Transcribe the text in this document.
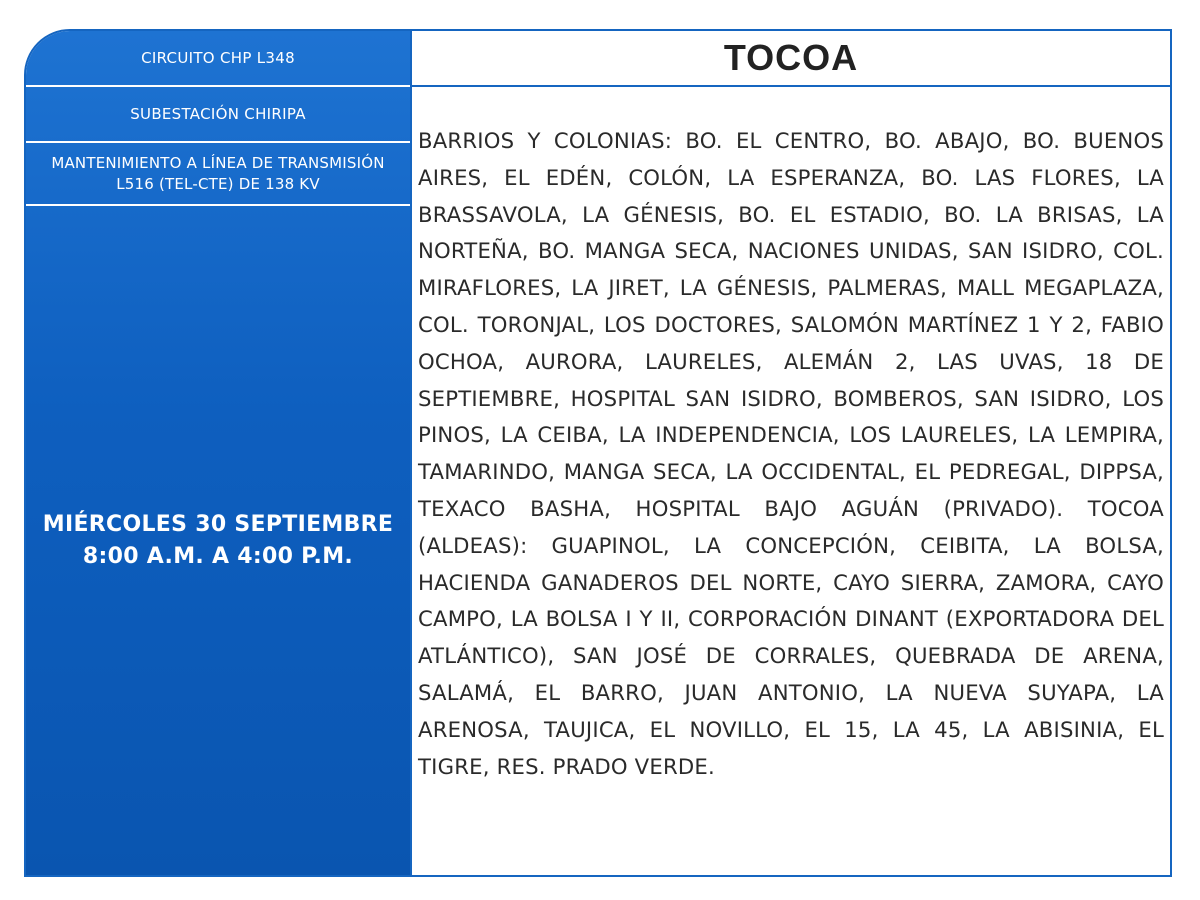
CIRCUITO CHP L348
SUBESTACIÓN CHIRIPA
MANTENIMIENTO A LÍNEA DE TRANSMISIÓN L516 (TEL-CTE) DE 138 KV
MIÉRCOLES 30 SEPTIEMBRE
8:00 A.M. A 4:00 P.M.
TOCOA
BARRIOS Y COLONIAS: BO. EL CENTRO, BO. ABAJO, BO. BUENOS AIRES, EL EDÉN, COLÓN, LA ESPERANZA, BO. LAS FLORES, LA BRASSAVOLA, LA GÉNESIS, BO. EL ESTADIO, BO. LA BRISAS, LA NORTEÑA, BO. MANGA SECA, NACIONES UNIDAS, SAN ISIDRO, COL. MIRAFLORES, LA JIRET, LA GÉNESIS, PALMERAS, MALL MEGAPLAZA, COL. TORONJAL, LOS DOCTORES, SALOMÓN MARTÍNEZ 1 Y 2, FABIO OCHOA, AURORA, LAURELES, ALEMÁN 2, LAS UVAS, 18 DE SEPTIEMBRE, HOSPITAL SAN ISIDRO, BOMBEROS, SAN ISIDRO, LOS PINOS, LA CEIBA, LA INDEPENDENCIA, LOS LAURELES, LA LEMPIRA, TAMARINDO, MANGA SECA, LA OCCIDENTAL, EL PEDREGAL, DIPPSA, TEXACO BASHA, HOSPITAL BAJO AGUÁN (PRIVADO). TOCOA (ALDEAS): GUAPINOL, LA CONCEPCIÓN, CEIBITA, LA BOLSA, HACIENDA GANADEROS DEL NORTE, CAYO SIERRA, ZAMORA, CAYO CAMPO, LA BOLSA I Y II, CORPORACIÓN DINANT (EXPORTADORA DEL ATLÁNTICO), SAN JOSÉ DE CORRALES, QUEBRADA DE ARENA, SALAMÁ, EL BARRO, JUAN ANTONIO, LA NUEVA SUYAPA, LA ARENOSA, TAUJICA, EL NOVILLO, EL 15, LA 45, LA ABISINIA, EL TIGRE, RES. PRADO VERDE.
